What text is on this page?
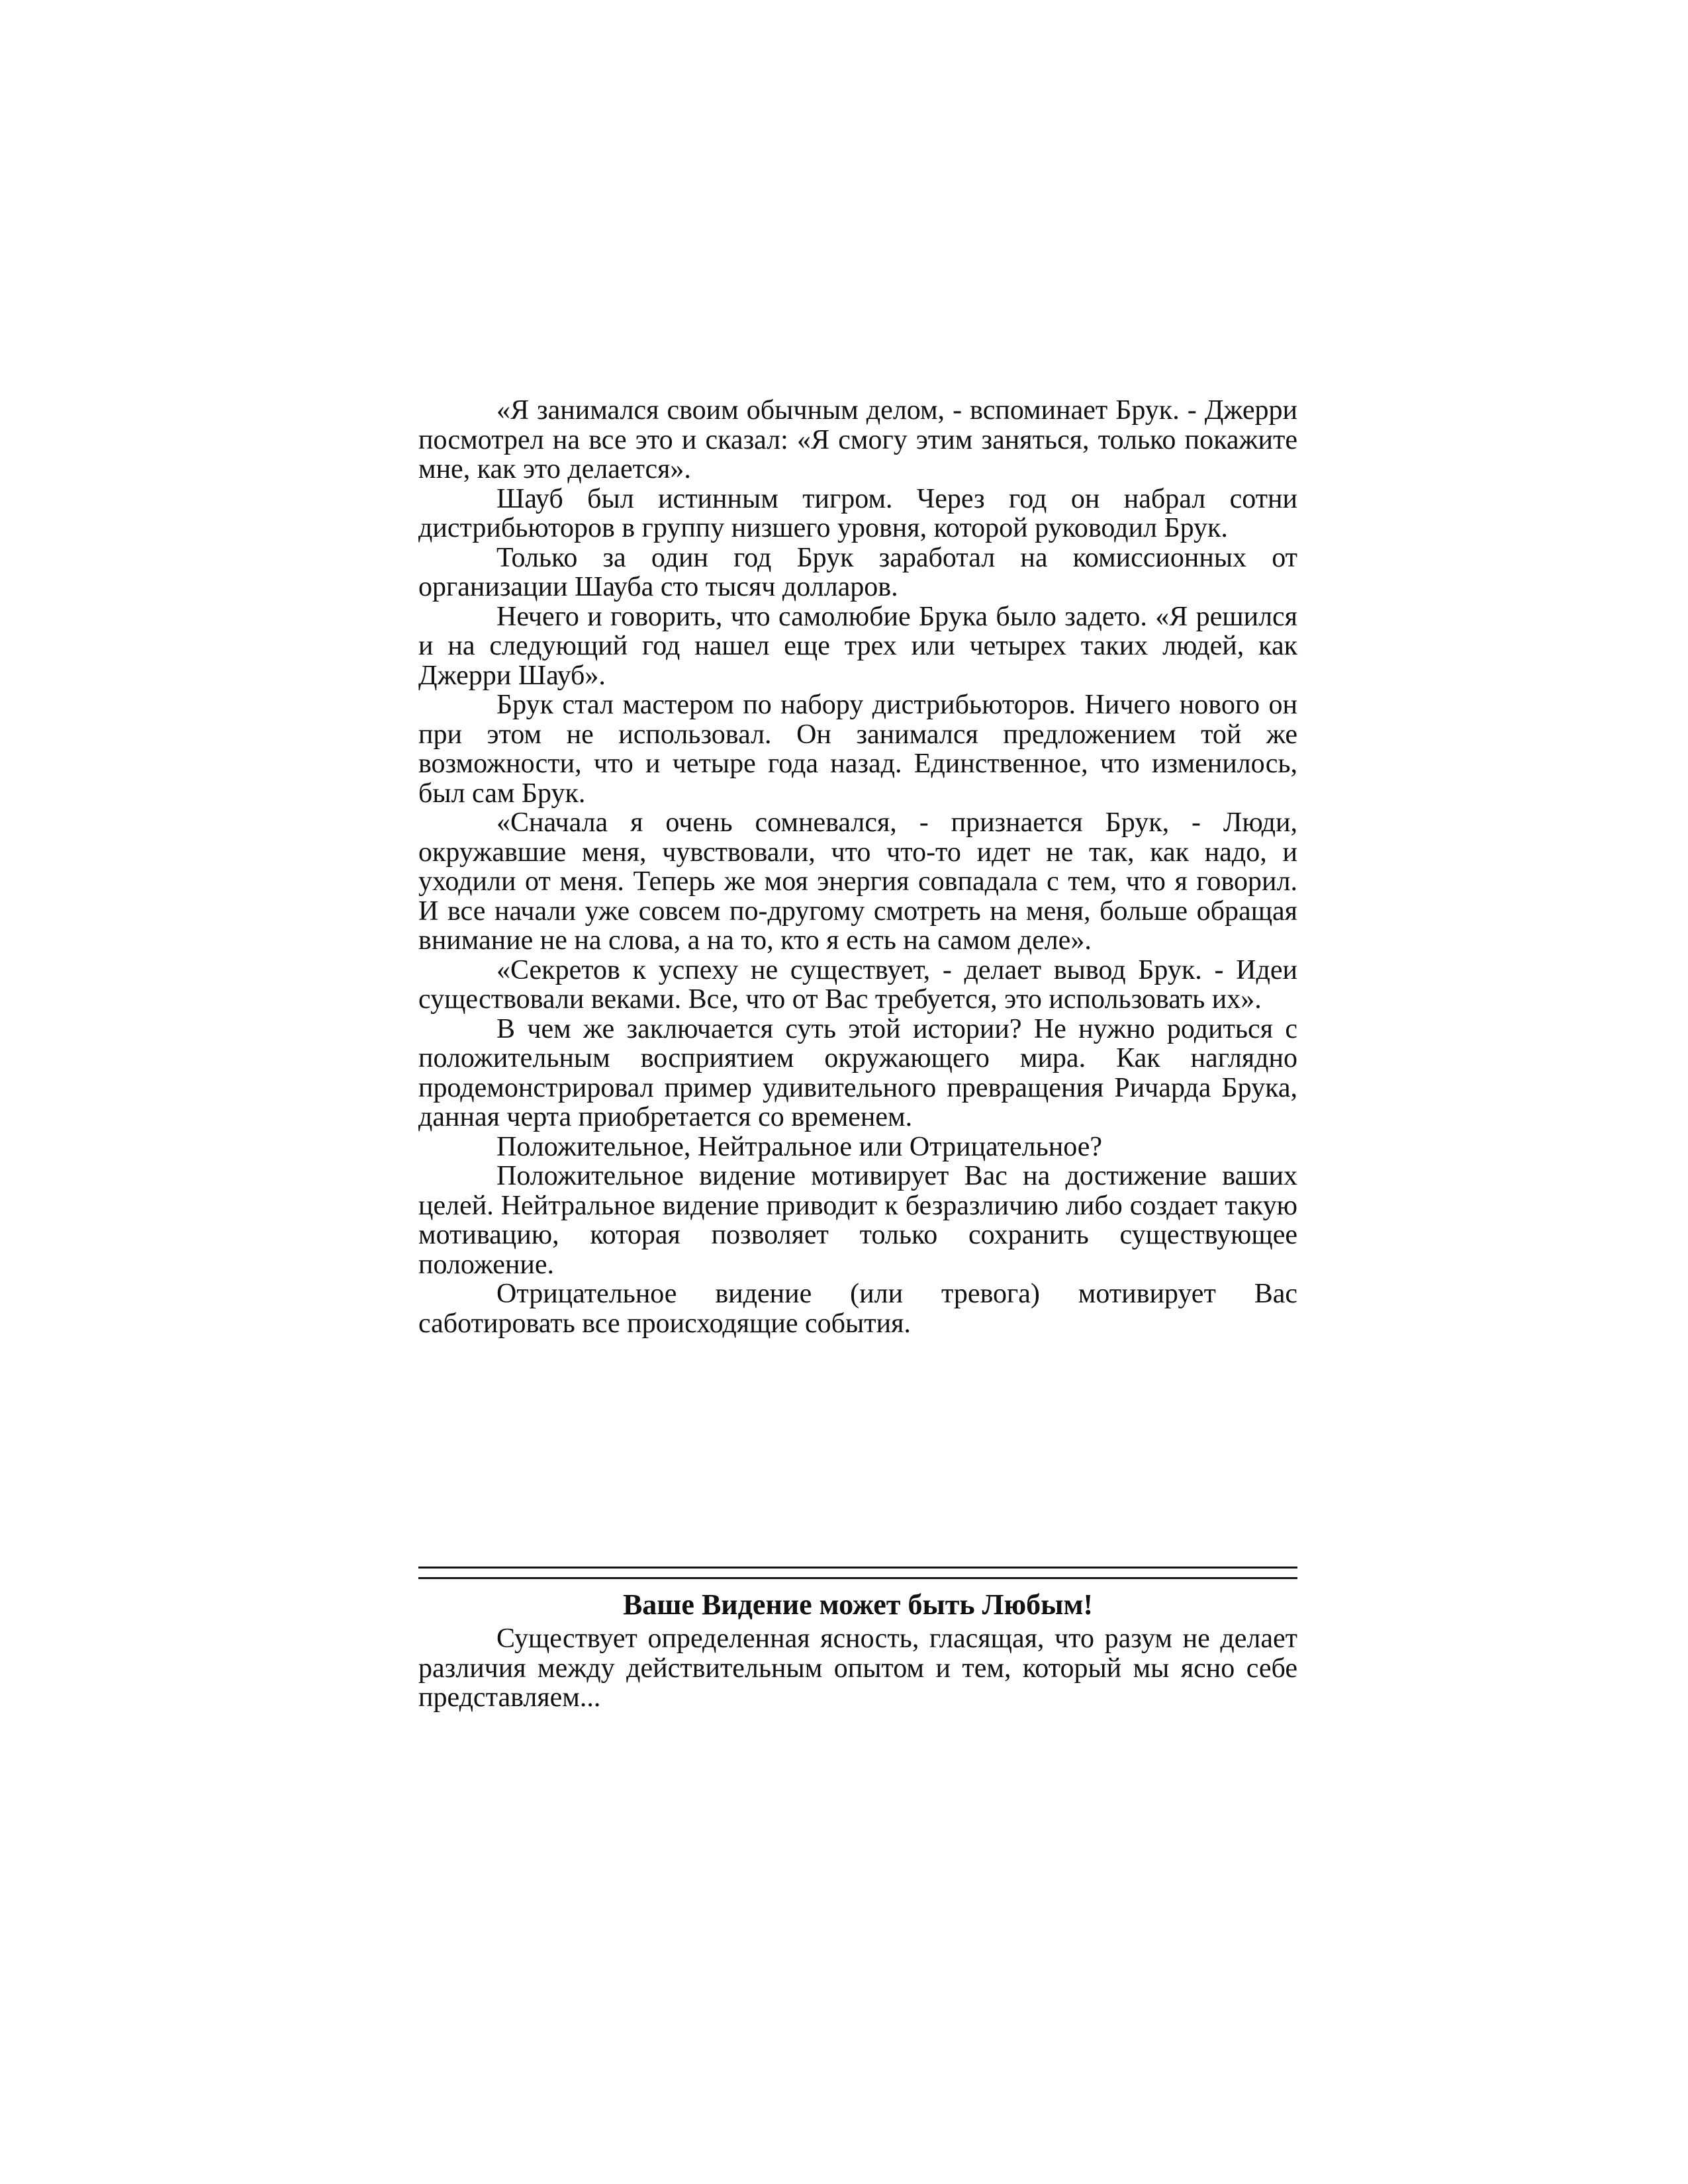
«Я занимался своим обычным делом, - вспоминает Брук. - Джерри посмотрел на все это и сказал: «Я смогу этим заняться, только покажите мне, как это делается».

Шауб был истинным тигром. Через год он набрал сотни дистрибьюторов в группу низшего уровня, которой руководил Брук.

Только за один год Брук заработал на комиссионных от организации Шауба сто тысяч долларов.

Нечего и говорить, что самолюбие Брука было задето. «Я решился и на следующий год нашел еще трех или четырех таких людей, как Джерри Шауб».

Брук стал мастером по набору дистрибьюторов. Ничего нового он при этом не использовал. Он занимался предложением той же возможности, что и четыре года назад. Единственное, что изменилось, был сам Брук.

«Сначала я очень сомневался, - признается Брук, - Люди, окружавшие меня, чувствовали, что что-то идет не так, как надо, и уходили от меня. Теперь же моя энергия совпадала с тем, что я говорил. И все начали уже совсем по-другому смотреть на меня, больше обращая внимание не на слова, а на то, кто я есть на самом деле».

«Секретов к успеху не существует, - делает вывод Брук. - Идеи существовали веками. Все, что от Вас требуется, это использовать их».

В чем же заключается суть этой истории? Не нужно родиться с положительным восприятием окружающего мира. Как наглядно продемонстрировал пример удивительного превращения Ричарда Брука, данная черта приобретается со временем.

Положительное, Нейтральное или Отрицательное?

Положительное видение мотивирует Вас на достижение ваших целей. Нейтральное видение приводит к безразличию либо создает такую мотивацию, которая позволяет только сохранить существующее положение.

Отрицательное видение (или тревога) мотивирует Вас саботировать все происходящие события.

Ваше Видение может быть Любым!

Существует определенная ясность, гласящая, что разум не делает различия между действительным опытом и тем, который мы ясно себе представляем...
